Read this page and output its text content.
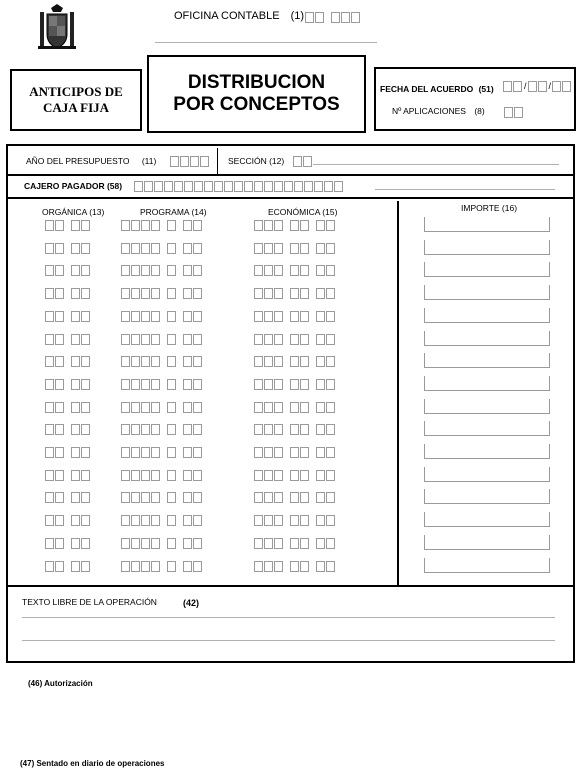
OFICINA CONTABLE (1)
ANTICIPOS DE CAJA FIJA
DISTRIBUCION POR CONCEPTOS
FECHA DEL ACUERDO (51)	/ /
Nº APLICACIONES (8)
AÑO DEL PRESUPUESTO (11)	SECCIÓN (12)
CAJERO PAGADOR (58)
ORGÁNICA (13)	PROGRAMA (14)	ECONÓMICA (15)	IMPORTE (16)
TEXTO LIBRE DE LA OPERACIÓN	(42)
(46) Autorización
(47) Sentado en diario de operaciones
